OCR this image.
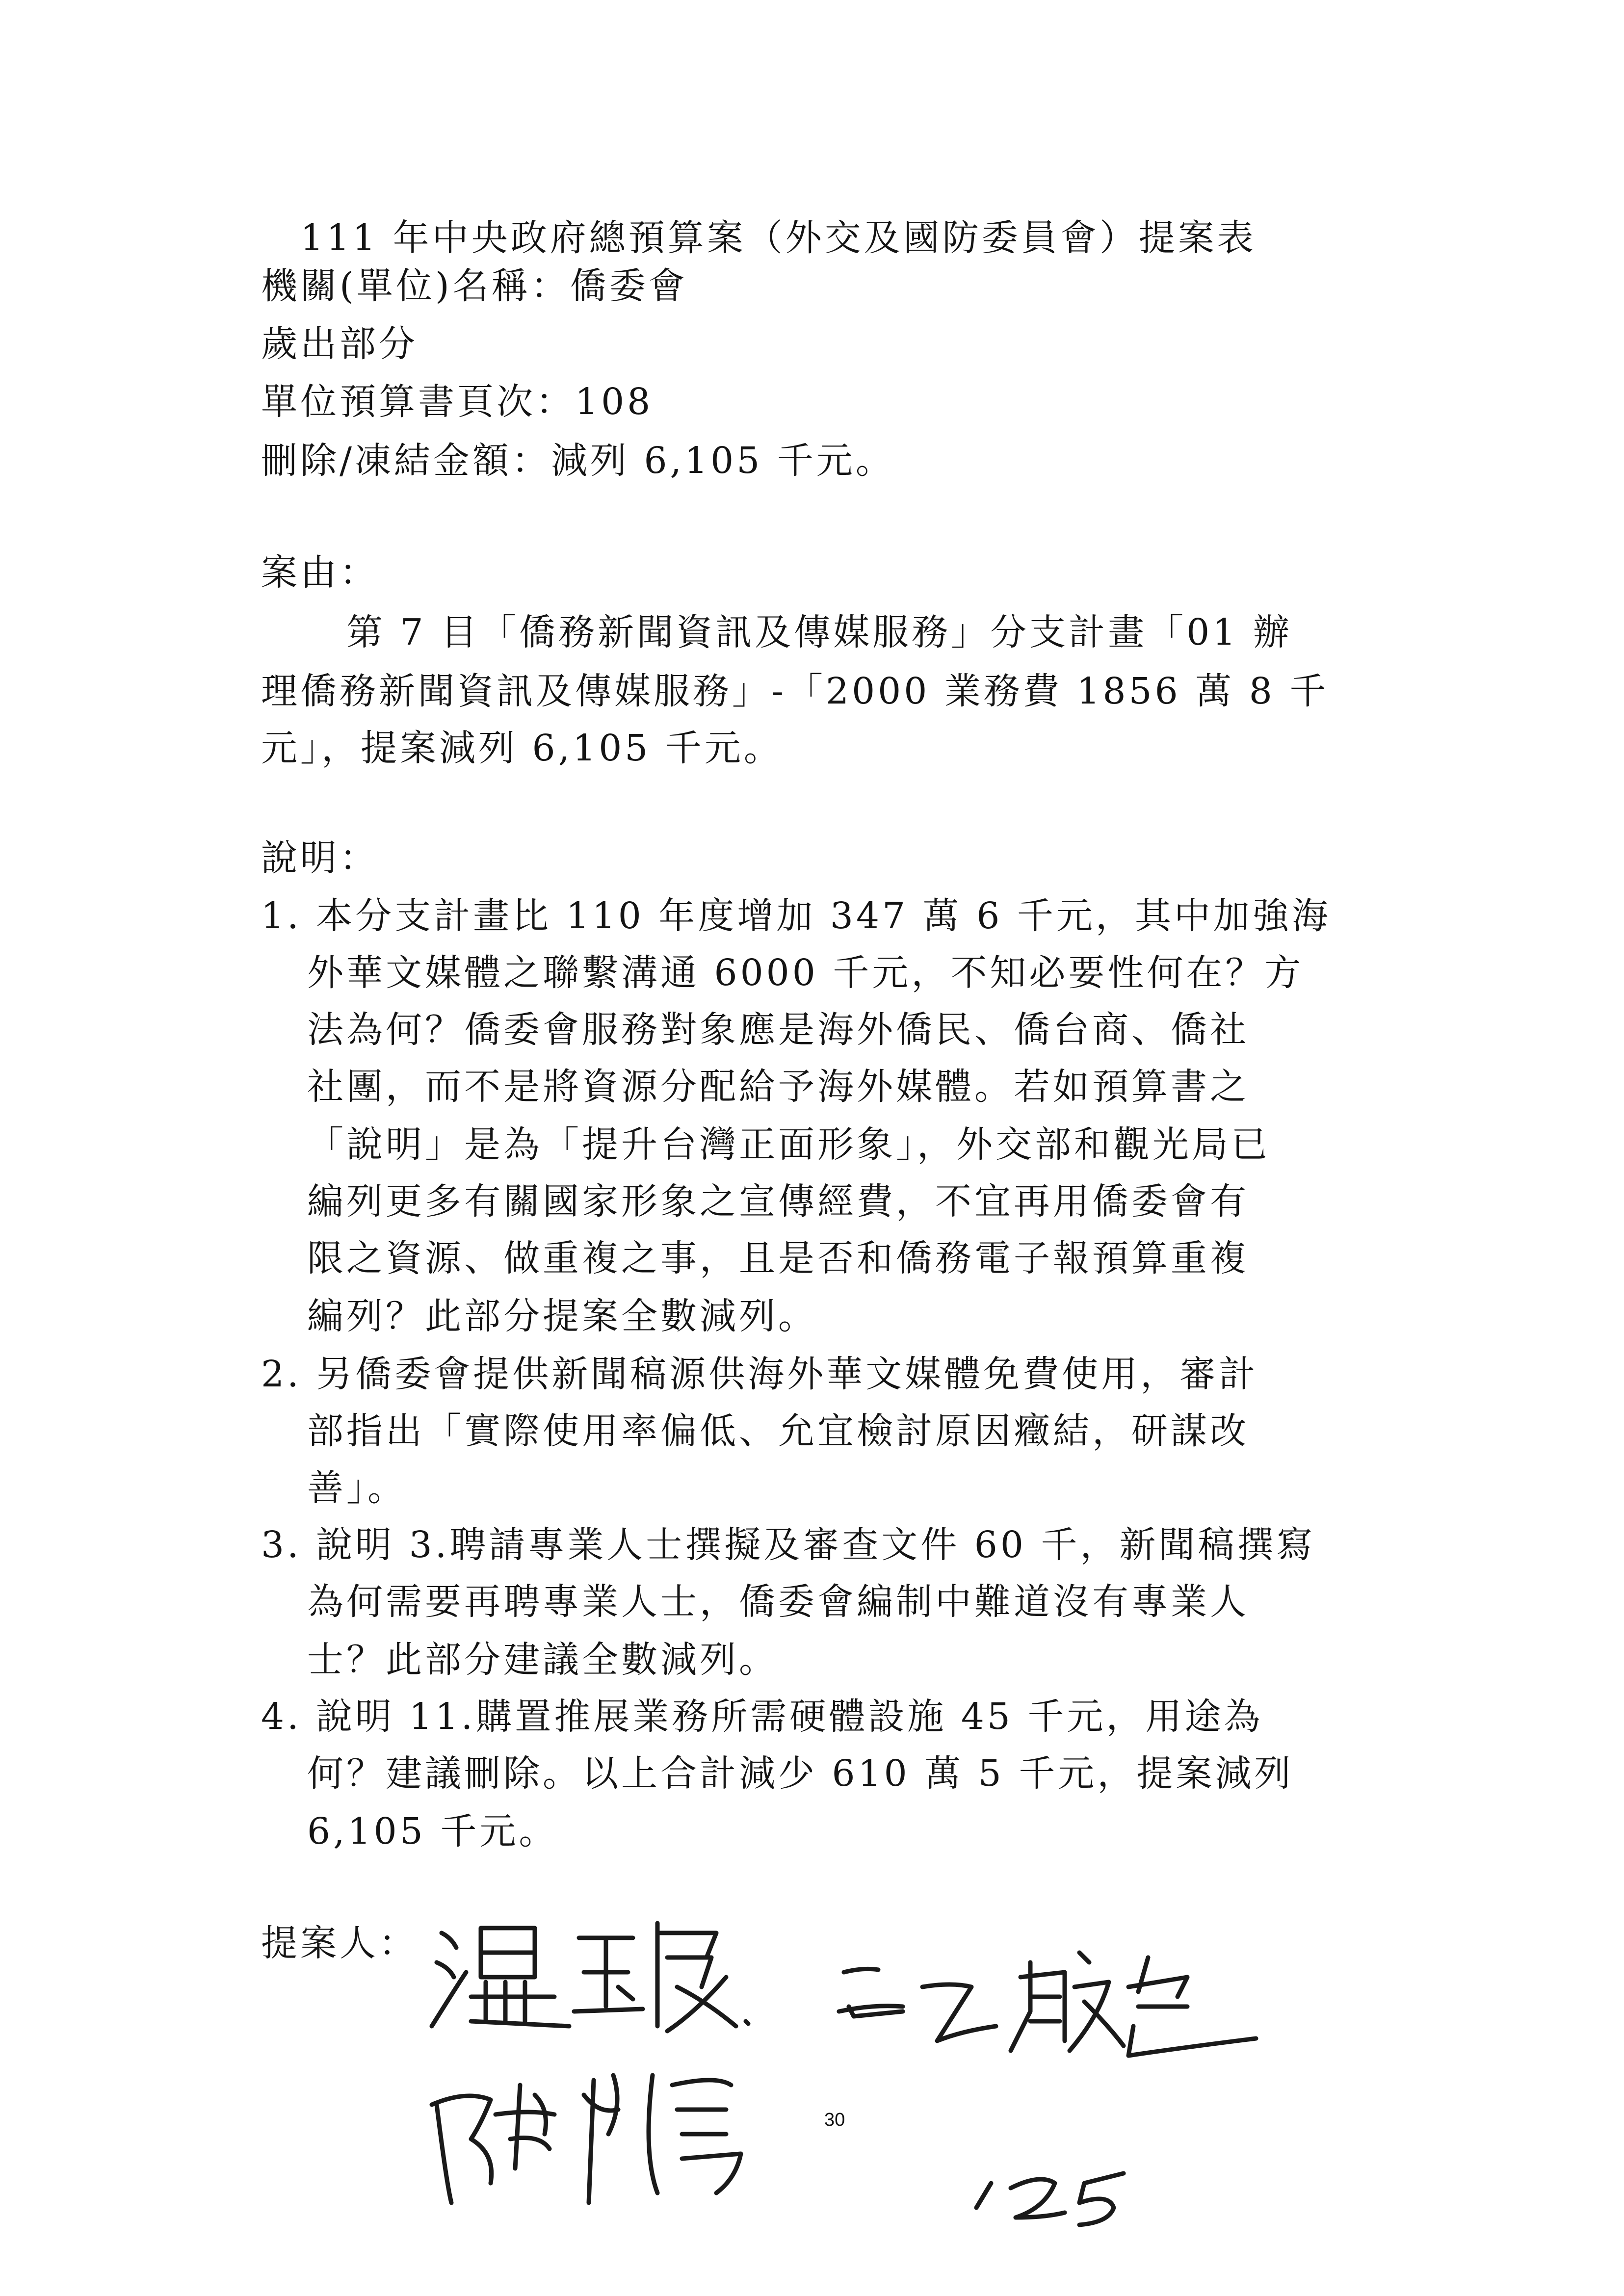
111 年中央政府總預算案（外交及國防委員會）提案表
機關(單位)名稱：僑委會
歲出部分
單位預算書頁次：108
刪除/凍結金額：減列 6,105 千元。
案由：
第 7 目「僑務新聞資訊及傳媒服務」分支計畫「01 辦
理僑務新聞資訊及傳媒服務」-「2000 業務費 1856 萬 8 千
元」，提案減列 6,105 千元。
說明：
1. 本分支計畫比 110 年度增加 347 萬 6 千元，其中加強海
外華文媒體之聯繫溝通 6000 千元，不知必要性何在？方
法為何？僑委會服務對象應是海外僑民、僑台商、僑社
社團，而不是將資源分配給予海外媒體。若如預算書之
「說明」是為「提升台灣正面形象」，外交部和觀光局已
編列更多有關國家形象之宣傳經費，不宜再用僑委會有
限之資源、做重複之事，且是否和僑務電子報預算重複
編列？此部分提案全數減列。
2. 另僑委會提供新聞稿源供海外華文媒體免費使用，審計
部指出「實際使用率偏低、允宜檢討原因癥結，研謀改
善」。
3. 說明 3.聘請專業人士撰擬及審查文件 60 千，新聞稿撰寫
為何需要再聘專業人士，僑委會編制中難道沒有專業人
士？此部分建議全數減列。
4. 說明 11.購置推展業務所需硬體設施 45 千元，用途為
何？建議刪除。以上合計減少 610 萬 5 千元，提案減列
6,105 千元。
提案人：
30
